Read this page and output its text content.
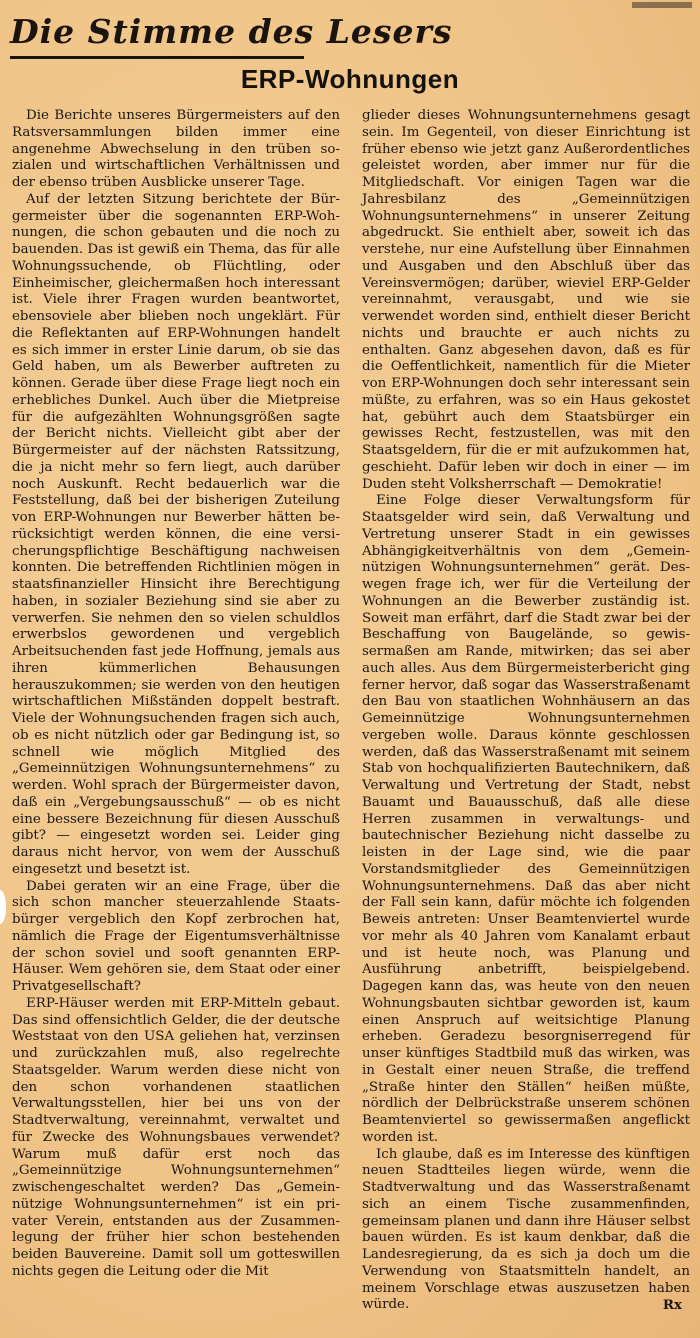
Die Stimme des Lesers
ERP-Wohnungen

Die Berichte unseres Bürgermeisters auf den Ratsversammlungen bilden immer eine angenehme Abwechselung in den trüben sozialen und wirtschaftlichen Verhältnissen und der ebenso trüben Ausblicke unserer Tage.

Auf der letzten Sitzung berichtete der Bürgermeister über die sogenannten ERP-Wohnungen, die schon gebauten und die noch zu bauenden. Das ist gewiß ein Thema, das für alle Wohnungssuchende, ob Flüchtling, oder Einheimischer, gleichermaßen hoch interessant ist. Viele ihrer Fragen wurden beantwortet, ebensoviele aber blieben noch ungeklärt. Für die Reflektanten auf ERP-Wohnungen handelt es sich immer in erster Linie darum, ob sie das Geld haben, um als Bewerber auftreten zu können. Gerade über diese Frage liegt noch ein erhebliches Dunkel. Auch über die Mietpreise für die aufgezählten Wohnungsgrößen sagte der Bericht nichts. Vielleicht gibt aber der Bürgermeister auf der nächsten Ratssitzung, die ja nicht mehr so fern liegt, auch darüber noch Auskunft. Recht bedauerlich war die Feststellung, daß bei der bisherigen Zuteilung von ERP-Wohnungen nur Bewerber hätten berücksichtigt werden können, die eine versicherungspflichtige Beschäftigung nachweisen konnten. Die betreffenden Richtlinien mögen in staatsfinanzieller Hinsicht ihre Berechtigung haben, in sozialer Beziehung sind sie aber zu verwerfen. Sie nehmen den so vielen schuldlos erwerbslos gewordenen und vergeblich Arbeitsuchenden fast jede Hoffnung, jemals aus ihren kümmerlichen Behausungen herauszukommen; sie werden von den heutigen wirtschaftlichen Mißständen doppelt bestraft. Viele der Wohnungsuchenden fragen sich auch, ob es nicht nützlich oder gar Bedingung ist, so schnell wie möglich Mitglied des „Gemeinnützigen Wohnungsunternehmens“ zu werden. Wohl sprach der Bürgermeister davon, daß ein „Vergebungsausschuß“ — ob es nicht eine bessere Bezeichnung für diesen Ausschuß gibt? — eingesetzt worden sei. Leider ging daraus nicht hervor, von wem der Ausschuß eingesetzt und besetzt ist.

Dabei geraten wir an eine Frage, über die sich schon mancher steuerzahlende Staatsbürger vergeblich den Kopf zerbrochen hat, nämlich die Frage der Eigentumsverhältnisse der schon soviel und sooft genannten ERP-Häuser. Wem gehören sie, dem Staat oder einer Privatgesellschaft?

ERP-Häuser werden mit ERP-Mitteln gebaut. Das sind offensichtlich Gelder, die der deutsche Weststaat von den USA geliehen hat, verzinsen und zurückzahlen muß, also regelrechte Staatsgelder. Warum werden diese nicht von den schon vorhandenen staatlichen Verwaltungsstellen, hier bei uns von der Stadtverwaltung, vereinnahmt, verwaltet und für Zwecke des Wohnungsbaues verwendet? Warum muß dafür erst noch das „Gemeinnützige Wohnungsunternehmen“ zwischengeschaltet werden? Das „Gemeinnützige Wohnungsunternehmen“ ist ein privater Verein, entstanden aus der Zusammenlegung der früher hier schon bestehenden beiden Bauvereine. Damit soll um gotteswillen nichts gegen die Leitung oder die Mit

glieder dieses Wohnungsunternehmens gesagt sein. Im Gegenteil, von dieser Einrichtung ist früher ebenso wie jetzt ganz Außerordentliches geleistet worden, aber immer nur für die Mitgliedschaft. Vor einigen Tagen war die Jahresbilanz des „Gemeinnützigen Wohnungsunternehmens“ in unserer Zeitung abgedruckt. Sie enthielt aber, soweit ich das verstehe, nur eine Aufstellung über Einnahmen und Ausgaben und den Abschluß über das Vereinsvermögen; darüber, wieviel ERP-Gelder vereinnahmt, verausgabt, und wie sie verwendet worden sind, enthielt dieser Bericht nichts und brauchte er auch nichts zu enthalten. Ganz abgesehen davon, daß es für die Oeffentlichkeit, namentlich für die Mieter von ERP-Wohnungen doch sehr interessant sein müßte, zu erfahren, was so ein Haus gekostet hat, gebührt auch dem Staatsbürger ein gewisses Recht, festzustellen, was mit den Staatsgeldern, für die er mit aufzukommen hat, geschieht. Dafür leben wir doch in einer — im Duden steht Volksherrschaft — Demokratie!

Eine Folge dieser Verwaltungsform für Staatsgelder wird sein, daß Verwaltung und Vertretung unserer Stadt in ein gewisses Abhängigkeitverhältnis von dem „Gemeinnützigen Wohnungsunternehmen“ gerät. Deswegen frage ich, wer für die Verteilung der Wohnungen an die Bewerber zuständig ist. Soweit man erfährt, darf die Stadt zwar bei der Beschaffung von Baugelände, so gewissermaßen am Rande, mitwirken; das sei aber auch alles. Aus dem Bürgermeisterbericht ging ferner hervor, daß sogar das Wasserstraßenamt den Bau von staatlichen Wohnhäusern an das Gemeinnützige Wohnungsunternehmen vergeben wolle. Daraus könnte geschlossen werden, daß das Wasserstraßenamt mit seinem Stab von hochqualifizierten Bautechnikern, daß Verwaltung und Vertretung der Stadt, nebst Bauamt und Bauausschuß, daß alle diese Herren zusammen in verwaltungs- und bautechnischer Beziehung nicht dasselbe zu leisten in der Lage sind, wie die paar Vorstandsmitglieder des Gemeinnützigen Wohnungsunternehmens. Daß das aber nicht der Fall sein kann, dafür möchte ich folgenden Beweis antreten: Unser Beamtenviertel wurde vor mehr als 40 Jahren vom Kanalamt erbaut und ist heute noch, was Planung und Ausführung anbetrifft, beispielgebend. Dagegen kann das, was heute von den neuen Wohnungsbauten sichtbar geworden ist, kaum einen Anspruch auf weitsichtige Planung erheben. Geradezu besorgniserregend für unser künftiges Stadtbild muß das wirken, was in Gestalt einer neuen Straße, die treffend „Straße hinter den Ställen“ heißen müßte, nördlich der Delbrückstraße unserem schönen Beamtenviertel so gewissermaßen angeflickt worden ist.

Ich glaube, daß es im Interesse des künftigen neuen Stadtteiles liegen würde, wenn die Stadtverwaltung und das Wasserstraßenamt sich an einem Tische zusammenfinden, gemeinsam planen und dann ihre Häuser selbst bauen würden. Es ist kaum denkbar, daß die Landesregierung, da es sich ja doch um die Verwendung von Staatsmitteln handelt, an meinem Vorschlage etwas auszusetzen haben würde.	Rx
